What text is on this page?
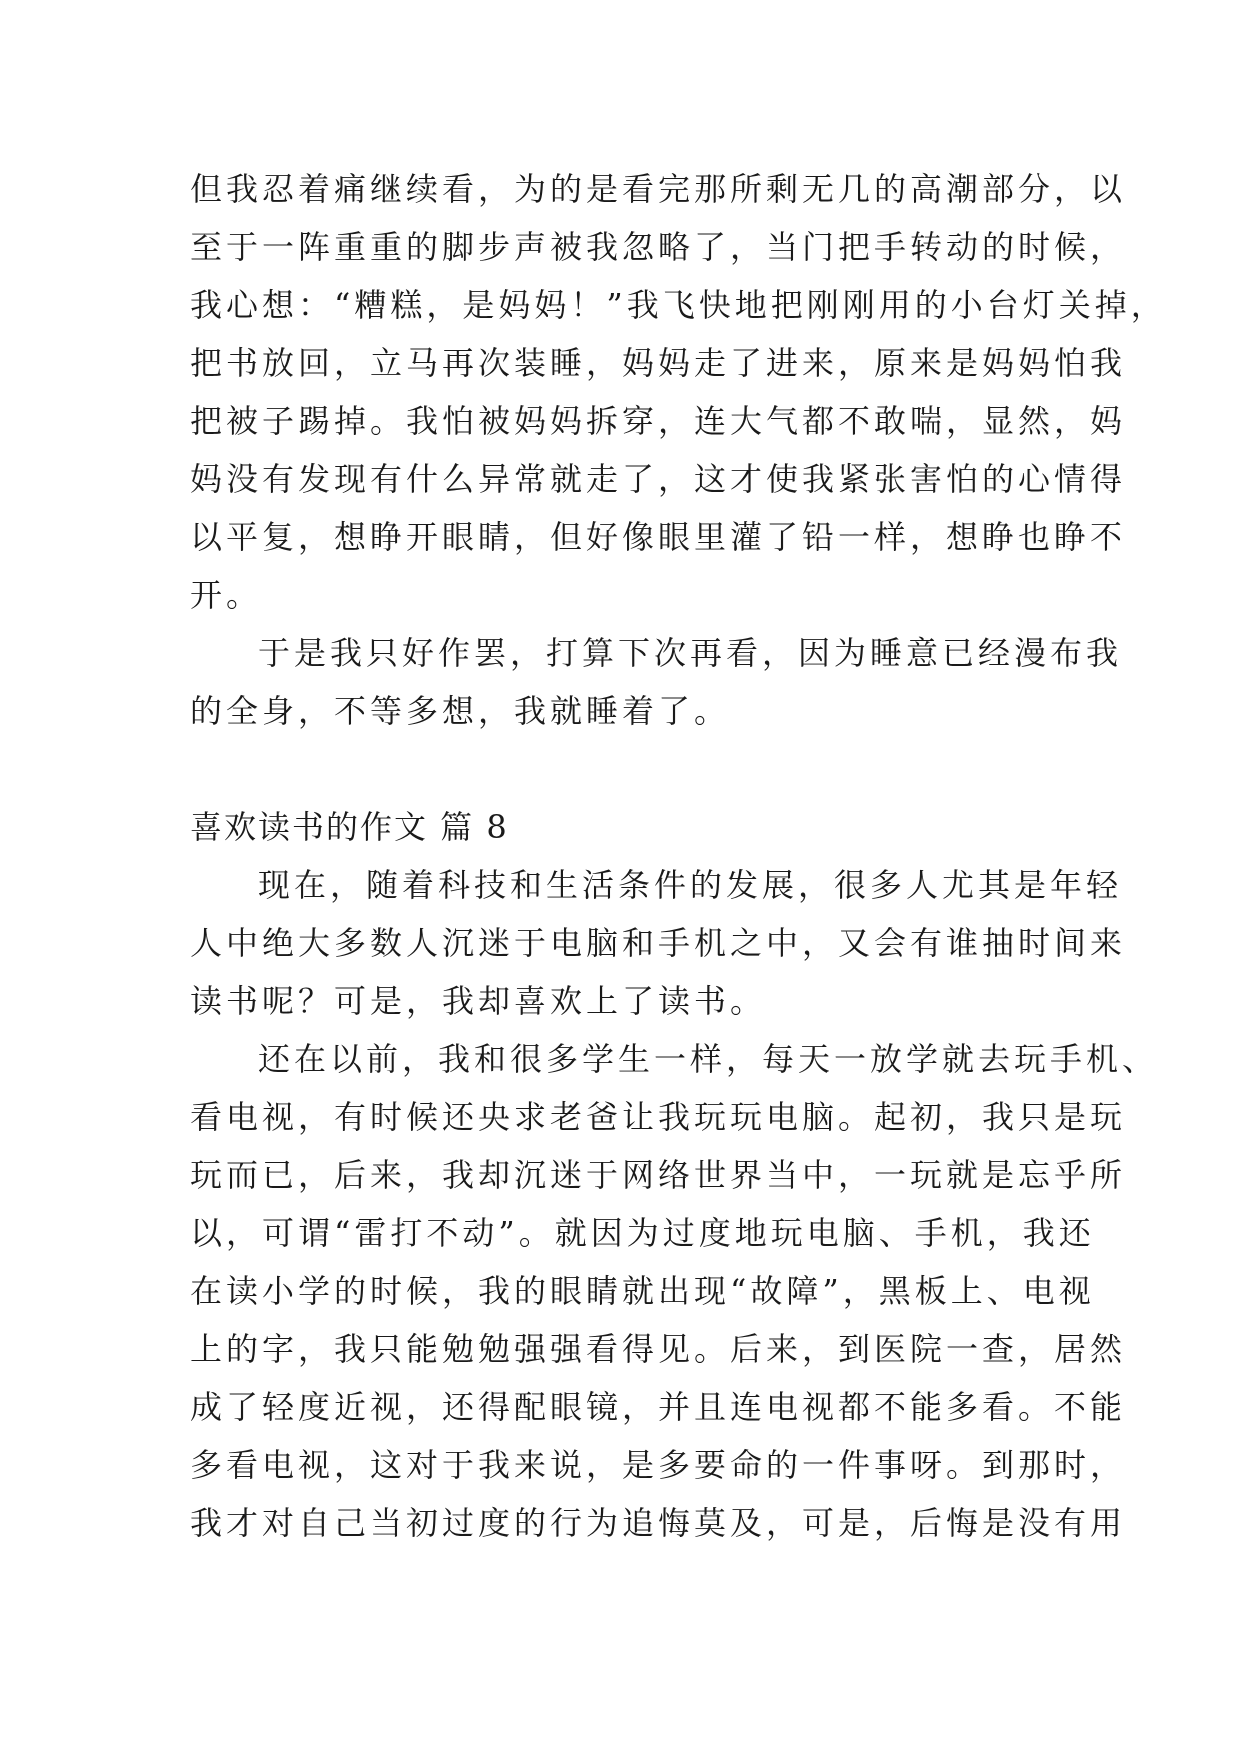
但我忍着痛继续看，为的是看完那所剩无几的高潮部分，以
至于一阵重重的脚步声被我忽略了，当门把手转动的时候，
我心想：“糟糕，是妈妈！”我飞快地把刚刚用的小台灯关掉，
把书放回，立马再次装睡，妈妈走了进来，原来是妈妈怕我
把被子踢掉。我怕被妈妈拆穿，连大气都不敢喘，显然，妈
妈没有发现有什么异常就走了，这才使我紧张害怕的心情得
以平复，想睁开眼睛，但好像眼里灌了铅一样，想睁也睁不
开。
于是我只好作罢，打算下次再看，因为睡意已经漫布我
的全身，不等多想，我就睡着了。
喜欢读书的作文 篇 8
现在，随着科技和生活条件的发展，很多人尤其是年轻
人中绝大多数人沉迷于电脑和手机之中，又会有谁抽时间来
读书呢？可是，我却喜欢上了读书。
还在以前，我和很多学生一样，每天一放学就去玩手机、
看电视，有时候还央求老爸让我玩玩电脑。起初，我只是玩
玩而已，后来，我却沉迷于网络世界当中，一玩就是忘乎所
以，可谓“雷打不动”。就因为过度地玩电脑、手机，我还
在读小学的时候，我的眼睛就出现“故障”，黑板上、电视
上的字，我只能勉勉强强看得见。后来，到医院一查，居然
成了轻度近视，还得配眼镜，并且连电视都不能多看。不能
多看电视，这对于我来说，是多要命的一件事呀。到那时，
我才对自己当初过度的行为追悔莫及，可是，后悔是没有用
